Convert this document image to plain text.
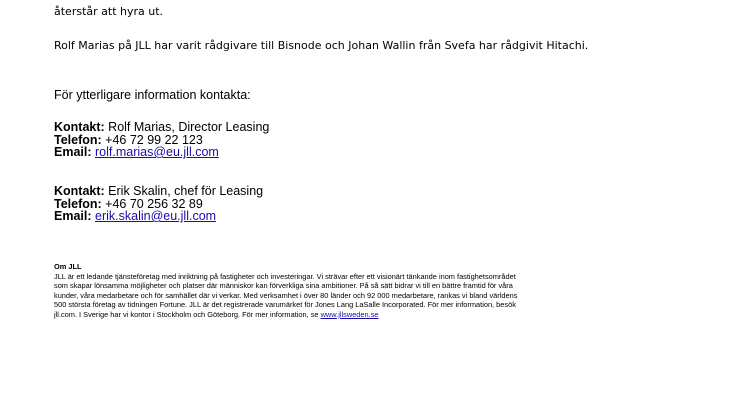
återstår att hyra ut.
Rolf Marias på JLL har varit rådgivare till Bisnode och Johan Wallin från Svefa har rådgivit Hitachi.
För ytterligare information kontakta:
Kontakt: Rolf Marias, Director Leasing
Telefon: +46 72 99 22 123
Email: rolf.marias@eu.jll.com
Kontakt: Erik Skalin, chef för Leasing
Telefon: +46 70 256 32 89
Email: erik.skalin@eu.jll.com
Om JLL
JLL är ett ledande tjänsteföretag med inriktning på fastigheter och investeringar. Vi strävar efter ett visionärt tänkande inom fastighetsområdet
som skapar lönsamma möjligheter och platser där människor kan förverkliga sina ambitioner. På så sätt bidrar vi till en bättre framtid för våra
kunder, våra medarbetare och för samhället där vi verkar. Med verksamhet i över 80 länder och 92 000 medarbetare, rankas vi bland världens
500 största företag av tidningen Fortune. JLL är det registrerade varumärket för Jones Lang LaSalle Incorporated. För mer information, besök
jll.com. I Sverige har vi kontor i Stockholm och Göteborg. För mer information, se www.jllsweden.se
